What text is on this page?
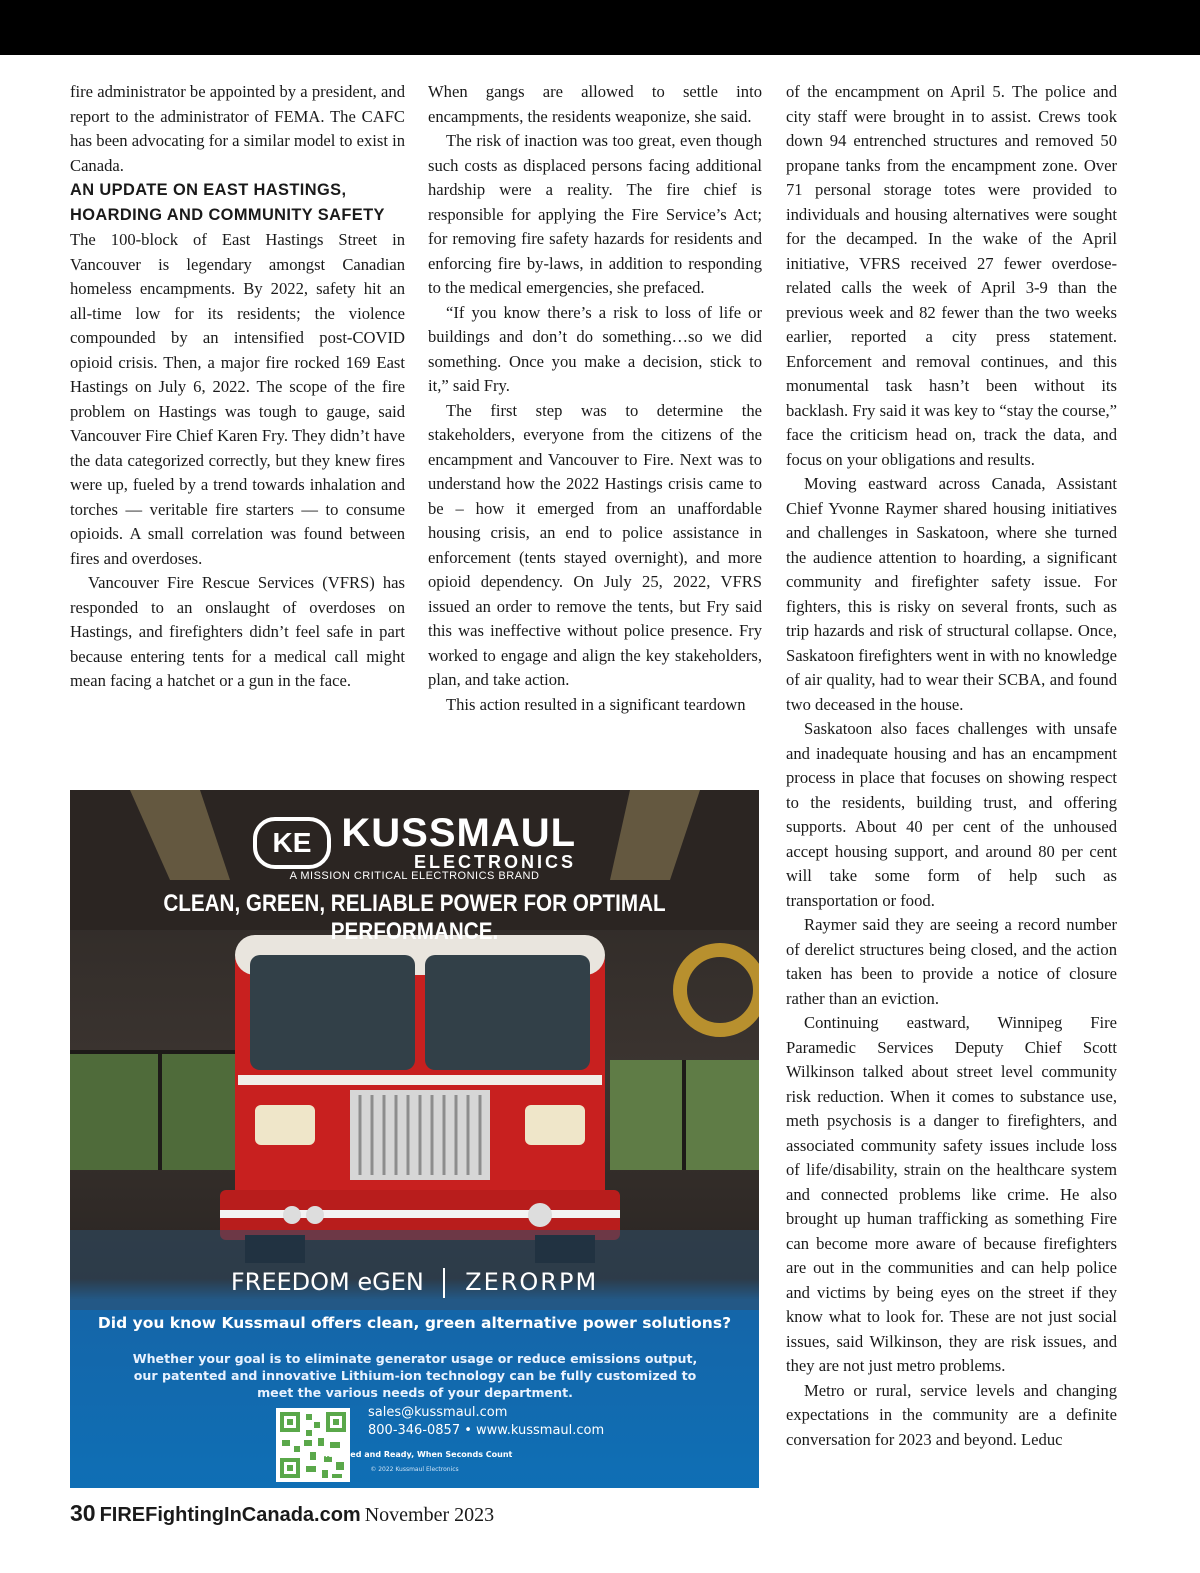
fire administrator be appointed by a president, and report to the administrator of FEMA. The CAFC has been advocating for a similar model to exist in Canada.

AN UPDATE ON EAST HASTINGS, HOARDING AND COMMUNITY SAFETY

The 100-block of East Hastings Street in Vancouver is legendary amongst Canadian homeless encampments. By 2022, safety hit an all-time low for its residents; the violence compounded by an intensified post-COVID opioid crisis. Then, a major fire rocked 169 East Hastings on July 6, 2022. The scope of the fire problem on Hastings was tough to gauge, said Vancouver Fire Chief Karen Fry. They didn’t have the data categorized correctly, but they knew fires were up, fueled by a trend towards inhalation and torches — veritable fire starters — to consume opioids. A small correlation was found between fires and overdoses.

Vancouver Fire Rescue Services (VFRS) has responded to an onslaught of overdoses on Hastings, and firefighters didn’t feel safe in part because entering tents for a medical call might mean facing a hatchet or a gun in the face.

When gangs are allowed to settle into encampments, the residents weaponize, she said.

The risk of inaction was too great, even though such costs as displaced persons facing additional hardship were a reality. The fire chief is responsible for applying the Fire Service’s Act; for removing fire safety hazards for residents and enforcing fire by-laws, in addition to responding to the medical emergencies, she prefaced.

“If you know there’s a risk to loss of life or buildings and don’t do something…so we did something. Once you make a decision, stick to it,” said Fry.

The first step was to determine the stakeholders, everyone from the citizens of the encampment and Vancouver to Fire. Next was to understand how the 2022 Hastings crisis came to be – how it emerged from an unaffordable housing crisis, an end to police assistance in enforcement (tents stayed overnight), and more opioid dependency. On July 25, 2022, VFRS issued an order to remove the tents, but Fry said this was ineffective without police presence. Fry worked to engage and align the key stakeholders, plan, and take action.

This action resulted in a significant teardown

of the encampment on April 5. The police and city staff were brought in to assist. Crews took down 94 entrenched structures and removed 50 propane tanks from the encampment zone. Over 71 personal storage totes were provided to individuals and housing alternatives were sought for the decamped. In the wake of the April initiative, VFRS received 27 fewer overdose-related calls the week of April 3-9 than the previous week and 82 fewer than the two weeks earlier, reported a city press statement. Enforcement and removal continues, and this monumental task hasn’t been without its backlash. Fry said it was key to “stay the course,” face the criticism head on, track the data, and focus on your obligations and results.

Moving eastward across Canada, Assistant Chief Yvonne Raymer shared housing initiatives and challenges in Saskatoon, where she turned the audience attention to hoarding, a significant community and firefighter safety issue. For fighters, this is risky on several fronts, such as trip hazards and risk of structural collapse. Once, Saskatoon firefighters went in with no knowledge of air quality, had to wear their SCBA, and found two deceased in the house.

Saskatoon also faces challenges with unsafe and inadequate housing and has an encampment process in place that focuses on showing respect to the residents, building trust, and offering supports. About 40 per cent of the unhoused accept housing support, and around 80 per cent will take some form of help such as transportation or food.

Raymer said they are seeing a record number of derelict structures being closed, and the action taken has been to provide a notice of closure rather than an eviction.

Continuing eastward, Winnipeg Fire Paramedic Services Deputy Chief Scott Wilkinson talked about street level community risk reduction. When it comes to substance use, meth psychosis is a danger to firefighters, and associated community safety issues include loss of life/disability, strain on the healthcare system and connected problems like crime. He also brought up human trafficking as something Fire can become more aware of because firefighters are out in the communities and can help police and victims by being eyes on the street if they know what to look for. These are not just social issues, said Wilkinson, they are risk issues, and they are not just metro problems.

Metro or rural, service levels and changing expectations in the community are a definite conversation for 2023 and beyond. Leduc

KE KUSSMAUL
ELECTRONICS
A MISSION CRITICAL ELECTRONICS BRAND
CLEAN, GREEN, RELIABLE POWER FOR OPTIMAL PERFORMANCE.
FREEDOM eGEN ZERORPM
Did you know Kussmaul offers clean, green alternative power solutions?
Whether your goal is to eliminate generator usage or reduce emissions output, our patented and innovative Lithium-ion technology can be fully customized to meet the various needs of your department.
sales@kussmaul.com
800-346-0857 • www.kussmaul.com
Energized and Ready, When Seconds Count
© 2022 Kussmaul Electronics
30 FIREFightingInCanada.com November 2023
